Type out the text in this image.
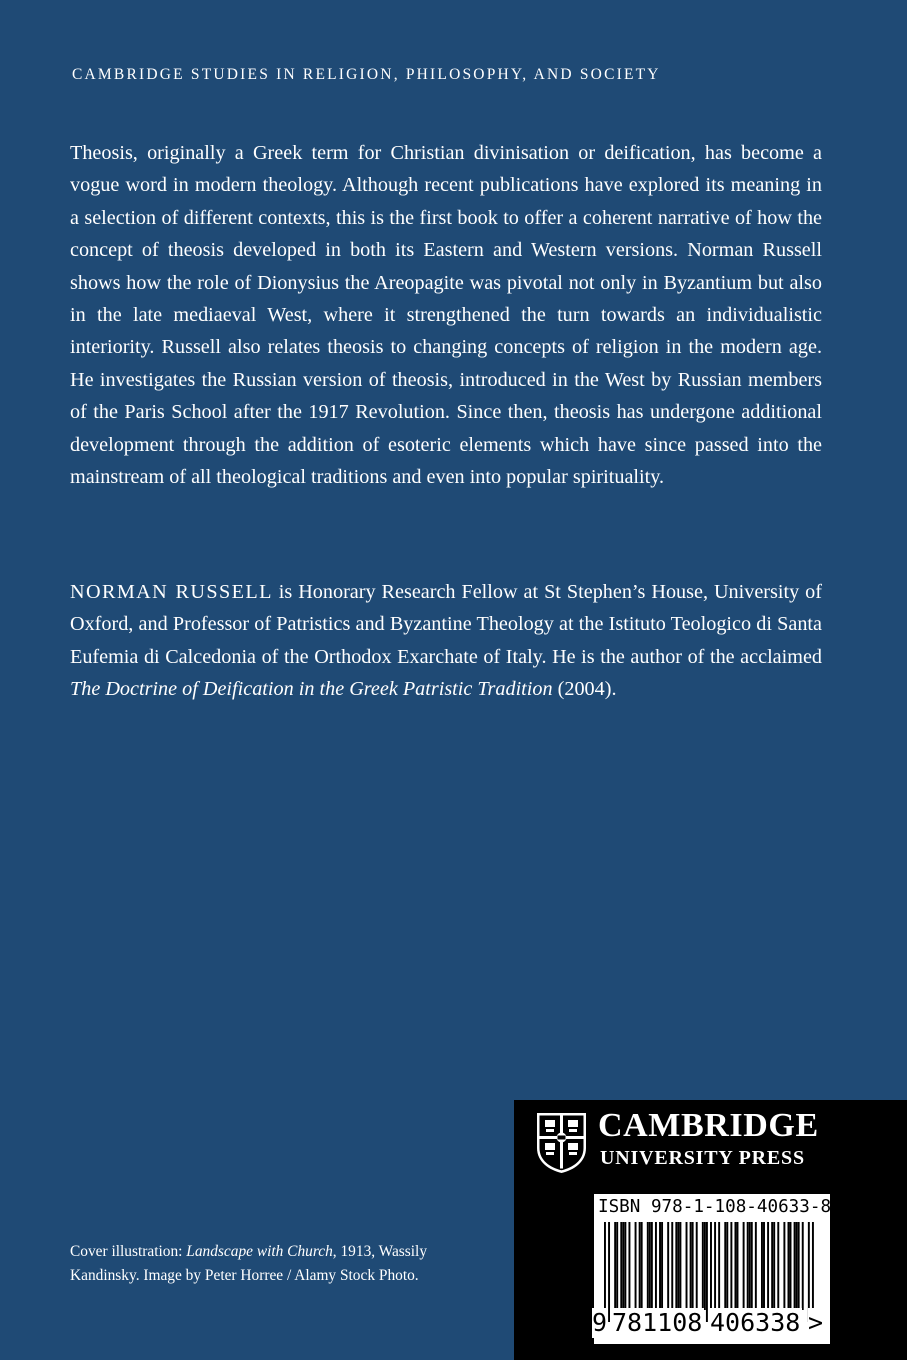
CAMBRIDGE STUDIES IN RELIGION, PHILOSOPHY, AND SOCIETY

Theosis, originally a Greek term for Christian divinisation or deification, has become a vogue word in modern theology. Although recent publications have explored its meaning in a selection of different contexts, this is the first book to offer a coherent narrative of how the concept of theosis developed in both its Eastern and Western versions. Norman Russell shows how the role of Dionysius the Areopagite was pivotal not only in Byzantium but also in the late mediaeval West, where it strengthened the turn towards an individualistic interiority. Russell also relates theosis to changing concepts of religion in the modern age. He investigates the Russian version of theosis, introduced in the West by Russian members of the Paris School after the 1917 Revolution. Since then, theosis has undergone additional development through the addition of esoteric elements which have since passed into the mainstream of all theological traditions and even into popular spirituality.

NORMAN RUSSELL is Honorary Research Fellow at St Stephen’s House, University of Oxford, and Professor of Patristics and Byzantine Theology at the Istituto Teologico di Santa Eufemia di Calcedonia of the Orthodox Exarchate of Italy. He is the author of the acclaimed The Doctrine of Deification in the Greek Patristic Tradition (2004).

Cover illustration: Landscape with Church, 1913, Wassily Kandinsky. Image by Peter Horree / Alamy Stock Photo.

CAMBRIDGE
UNIVERSITY PRESS
ISBN 978-1-108-40633-8
9 781108 406338 >
